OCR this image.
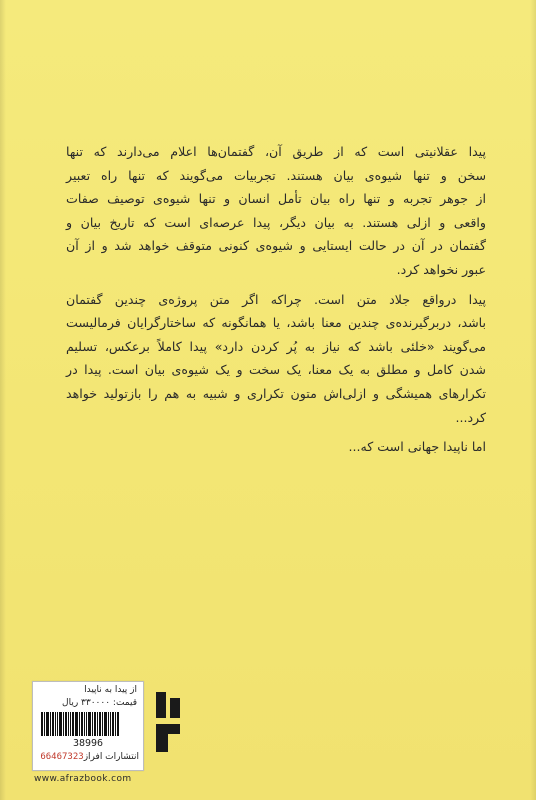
پیدا عقلانیتی است که از طریق آن، گفتمان‌ها اعلام می‌دارند که تنها
سخن و تنها شیوه‌ی بیان هستند. تجربیات می‌گویند که تنها راه تعبیر
از جوهر تجربه و تنها راه بیان تأمل انسان و تنها شیوه‌ی توصیف صفات
واقعی و ازلی هستند. به بیان دیگر، پیدا عرصه‌ای است که تاریخ بیان و
گفتمان در آن در حالت ایستایی و شیوه‌ی کنونی متوقف خواهد شد و از آن
عبور نخواهد کرد.
پیدا درواقع جلاد متن است. چراکه اگر متن پروژه‌ی چندین گفتمان
باشد، دربرگیرنده‌ی چندین معنا باشد، یا همانگونه که ساختارگرایان فرمالیست
می‌گویند «خلئی باشد که نیاز به پُر کردن دارد» پیدا کاملاً برعکس، تسلیم
شدن کامل و مطلق به یک معنا، یک سخت و یک شیوه‌ی بیان است. پیدا در
تکرارهای همیشگی و ازلی‌اش متون تکراری و شبیه به هم را بازتولید خواهد
کرد...
اما ناپیدا جهانی است که...
از پیدا به ناپیدا
قیمت: ۳۳۰۰۰۰ ریال
38996
انتشارات افراز66467323
www.afrazbook.com
